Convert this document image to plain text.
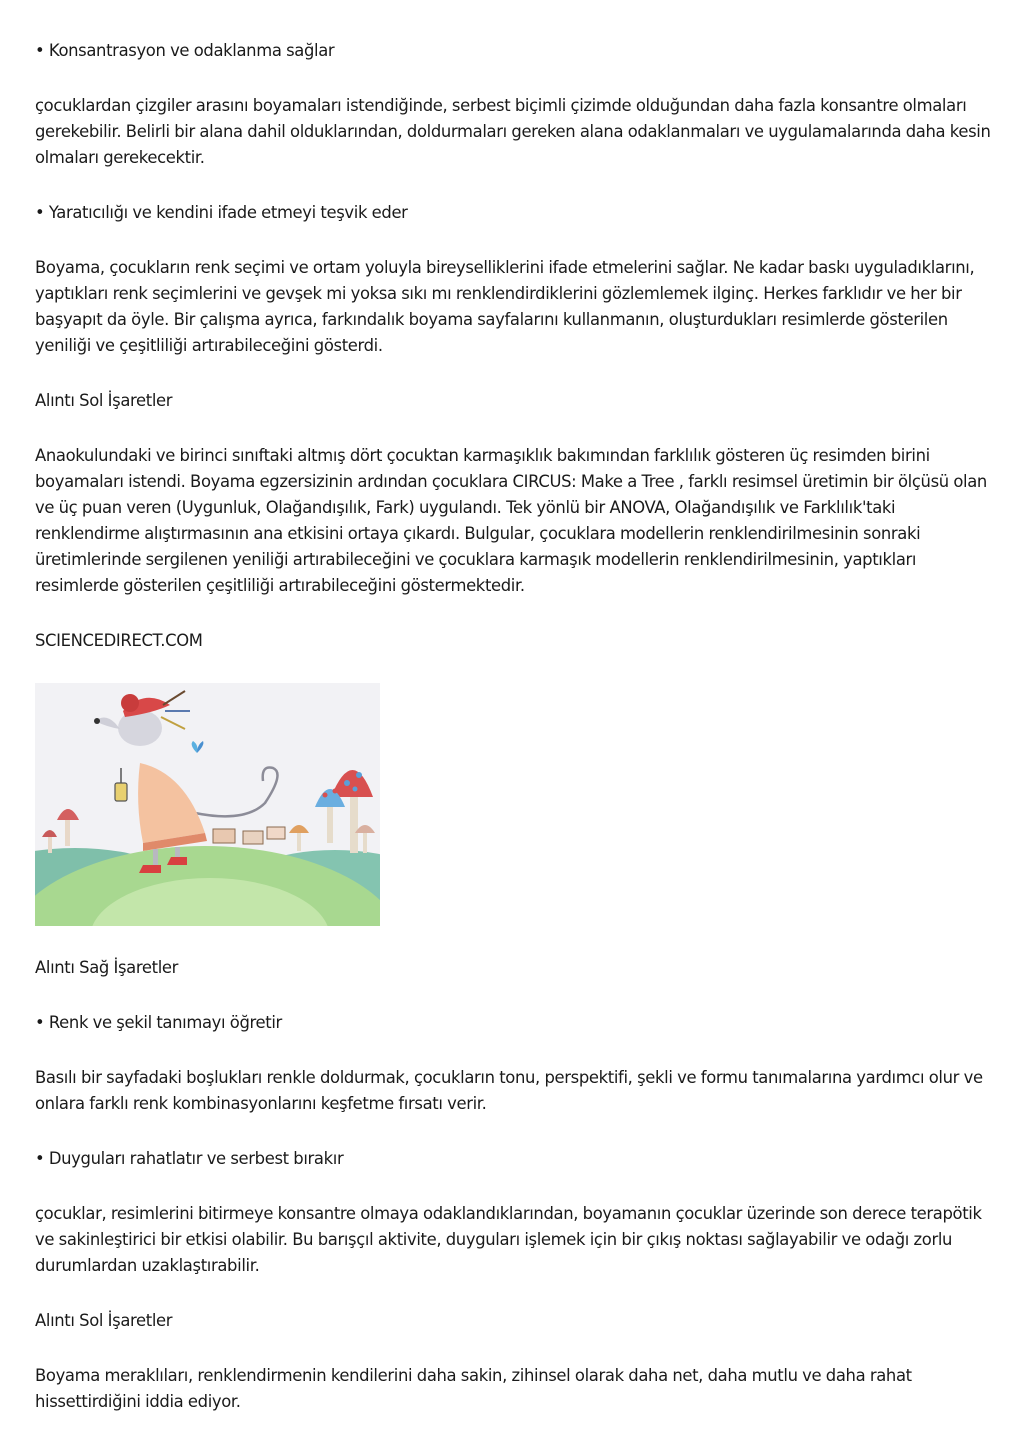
• Konsantrasyon ve odaklanma sağlar

çocuklardan çizgiler arasını boyamaları istendiğinde, serbest biçimli çizimde olduğundan daha fazla konsantre olmaları gerekebilir. Belirli bir alana dahil olduklarından, doldurmaları gereken alana odaklanmaları ve uygulamalarında daha kesin olmaları gerekecektir.

• Yaratıcılığı ve kendini ifade etmeyi teşvik eder

Boyama, çocukların renk seçimi ve ortam yoluyla bireyselliklerini ifade etmelerini sağlar. Ne kadar baskı uyguladıklarını, yaptıkları renk seçimlerini ve gevşek mi yoksa sıkı mı renklendirdiklerini gözlemlemek ilginç. Herkes farklıdır ve her bir başyapıt da öyle. Bir çalışma ayrıca, farkındalık boyama sayfalarını kullanmanın, oluşturdukları resimlerde gösterilen yeniliği ve çeşitliliği artırabileceğini gösterdi.

Alıntı Sol İşaretler

Anaokulundaki ve birinci sınıftaki altmış dört çocuktan karmaşıklık bakımından farklılık gösteren üç resimden birini boyamaları istendi. Boyama egzersizinin ardından çocuklara CIRCUS: Make a Tree , farklı resimsel üretimin bir ölçüsü olan ve üç puan veren (Uygunluk, Olağandışılık, Fark) uygulandı. Tek yönlü bir ANOVA, Olağandışılık ve Farklılık'taki renklendirme alıştırmasının ana etkisini ortaya çıkardı. Bulgular, çocuklara modellerin renklendirilmesinin sonraki üretimlerinde sergilenen yeniliği artırabileceğini ve çocuklara karmaşık modellerin renklendirilmesinin, yaptıkları resimlerde gösterilen çeşitliliği artırabileceğini göstermektedir.

SCIENCEDIRECT.COM

Alıntı Sağ İşaretler

• Renk ve şekil tanımayı öğretir

Basılı bir sayfadaki boşlukları renkle doldurmak, çocukların tonu, perspektifi, şekli ve formu tanımalarına yardımcı olur ve onlara farklı renk kombinasyonlarını keşfetme fırsatı verir.

• Duyguları rahatlatır ve serbest bırakır

çocuklar, resimlerini bitirmeye konsantre olmaya odaklandıklarından, boyamanın çocuklar üzerinde son derece terapötik ve sakinleştirici bir etkisi olabilir. Bu barışçıl aktivite, duyguları işlemek için bir çıkış noktası sağlayabilir ve odağı zorlu durumlardan uzaklaştırabilir.

Alıntı Sol İşaretler

Boyama meraklıları, renklendirmenin kendilerini daha sakin, zihinsel olarak daha net, daha mutlu ve daha rahat hissettirdiğini iddia ediyor.
